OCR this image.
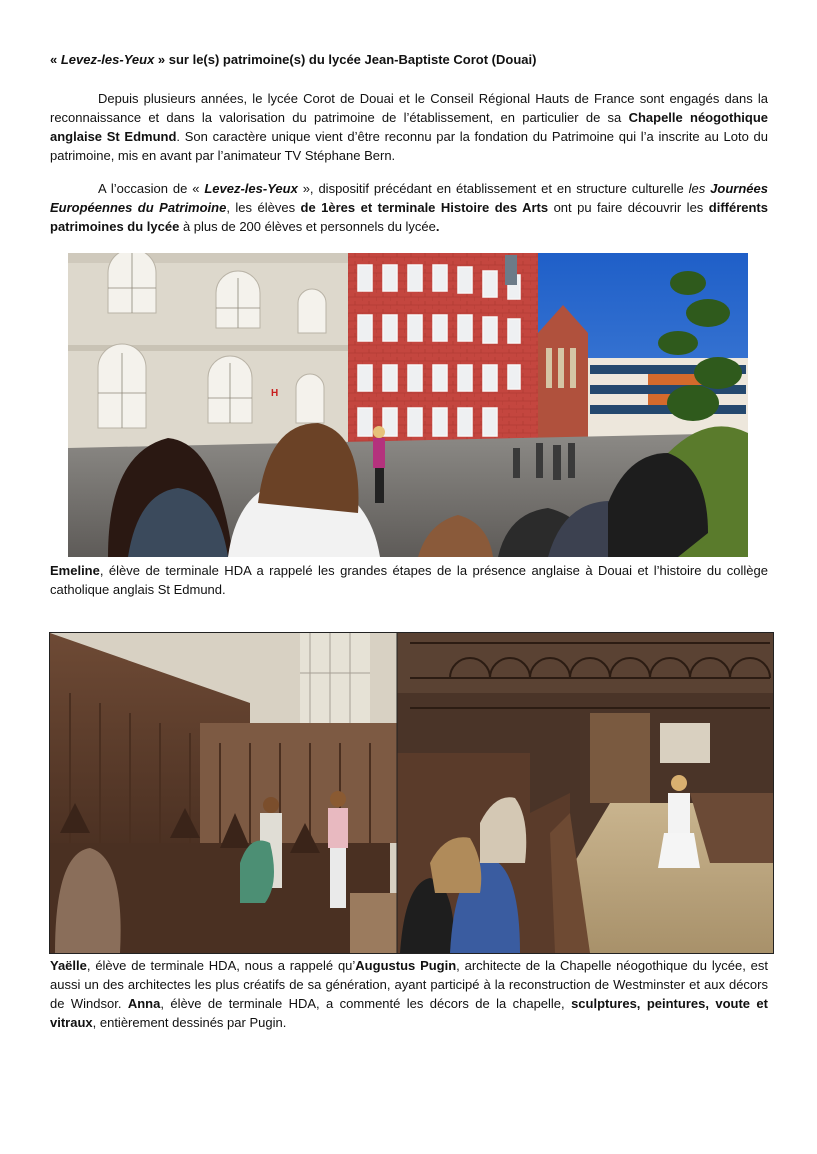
« Levez-les-Yeux » sur le(s) patrimoine(s) du lycée Jean-Baptiste Corot (Douai)

Depuis plusieurs années, le lycée Corot de Douai et le Conseil Régional Hauts de France sont engagés dans la reconnaissance et dans la valorisation du patrimoine de l’établissement, en particulier de sa Chapelle néogothique anglaise St Edmund. Son caractère unique vient d’être reconnu par la fondation du Patrimoine qui l’a inscrite au Loto du patrimoine, mis en avant par l’animateur TV Stéphane Bern.

A l’occasion de « Levez-les-Yeux », dispositif précédant en établissement et en structure culturelle les Journées Européennes du Patrimoine, les élèves de 1ères et terminale Histoire des Arts ont pu faire découvrir les différents patrimoines du lycée à plus de 200 élèves et personnels du lycée.

H

Emeline, élève de terminale HDA a rappelé les grandes étapes de la présence anglaise à Douai et l’histoire du collège catholique anglais St Edmund.

Yaëlle, élève de terminale HDA, nous a rappelé qu’Augustus Pugin, architecte de la Chapelle néogothique du lycée, est aussi un des architectes les plus créatifs de sa génération, ayant participé à la reconstruction de Westminster et aux décors de Windsor. Anna, élève de terminale HDA, a commenté les décors de la chapelle, sculptures, peintures, voute et vitraux, entièrement dessinés par Pugin.
